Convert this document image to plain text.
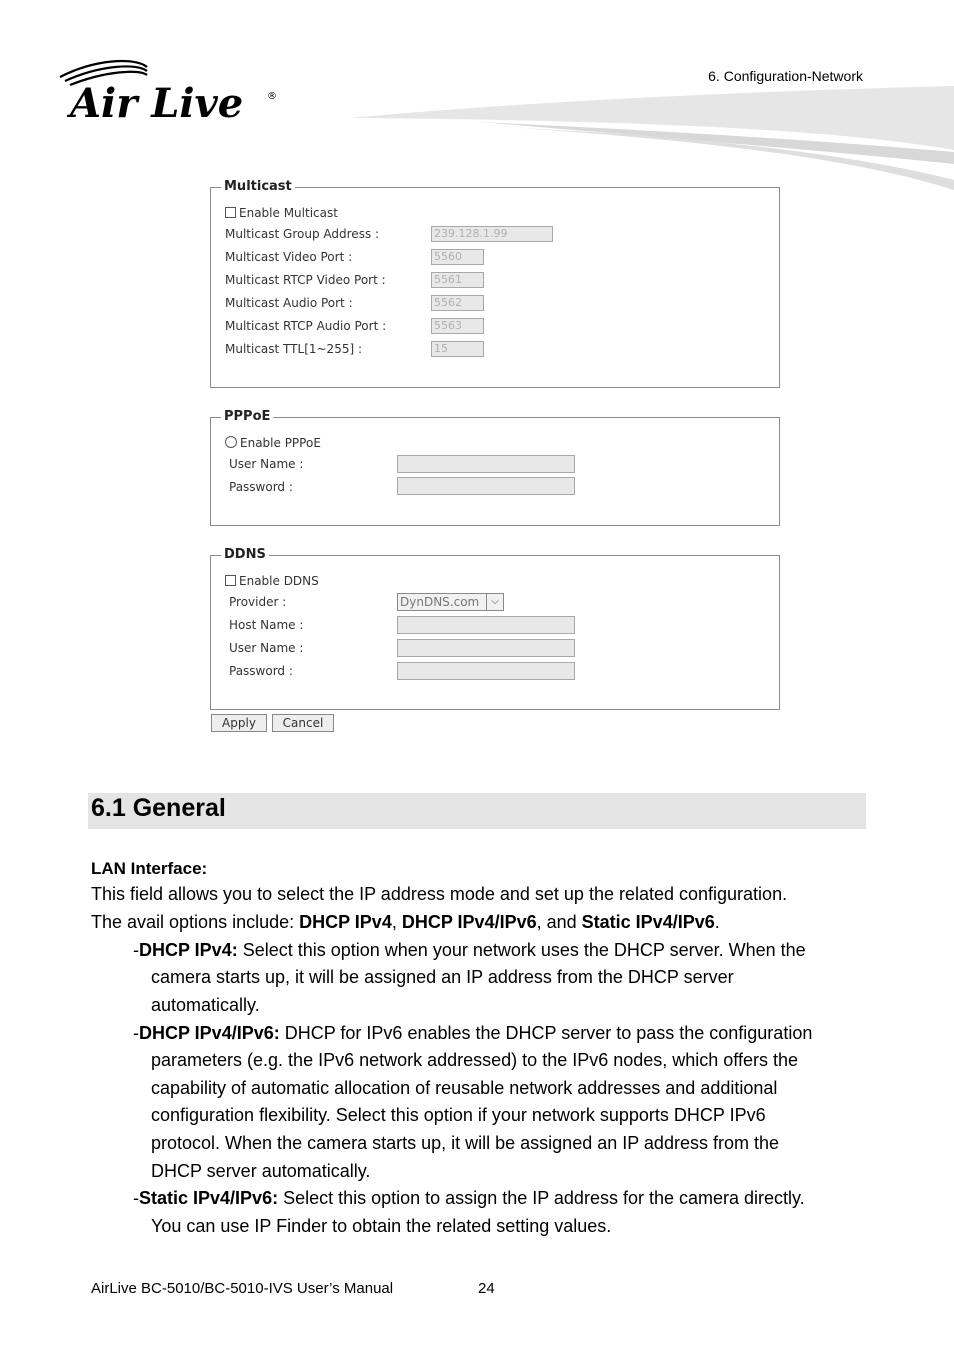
Air Live ®
6. Configuration-Network
Multicast
Enable Multicast
Multicast Group Address :	239.128.1.99
Multicast Video Port :	5560
Multicast RTCP Video Port :	5561
Multicast Audio Port :	5562
Multicast RTCP Audio Port :	5563
Multicast TTL[1~255] :	15
PPPoE
Enable PPPoE
User Name :
Password :
DDNS
Enable DDNS
Provider :	DynDNS.com	⌵
Host Name :
User Name :
Password :
Apply	Cancel
6.1 General
LAN Interface:
This field allows you to select the IP address mode and set up the related configuration.
The avail options include: DHCP IPv4, DHCP IPv4/IPv6, and Static IPv4/IPv6.
-DHCP IPv4: Select this option when your network uses the DHCP server. When the
camera starts up, it will be assigned an IP address from the DHCP server
automatically.
-DHCP IPv4/IPv6: DHCP for IPv6 enables the DHCP server to pass the configuration
parameters (e.g. the IPv6 network addressed) to the IPv6 nodes, which offers the
capability of automatic allocation of reusable network addresses and additional
configuration flexibility. Select this option if your network supports DHCP IPv6
protocol. When the camera starts up, it will be assigned an IP address from the
DHCP server automatically.
-Static IPv4/IPv6: Select this option to assign the IP address for the camera directly.
You can use IP Finder to obtain the related setting values.
AirLive BC-5010/BC-5010-IVS User’s Manual	24
